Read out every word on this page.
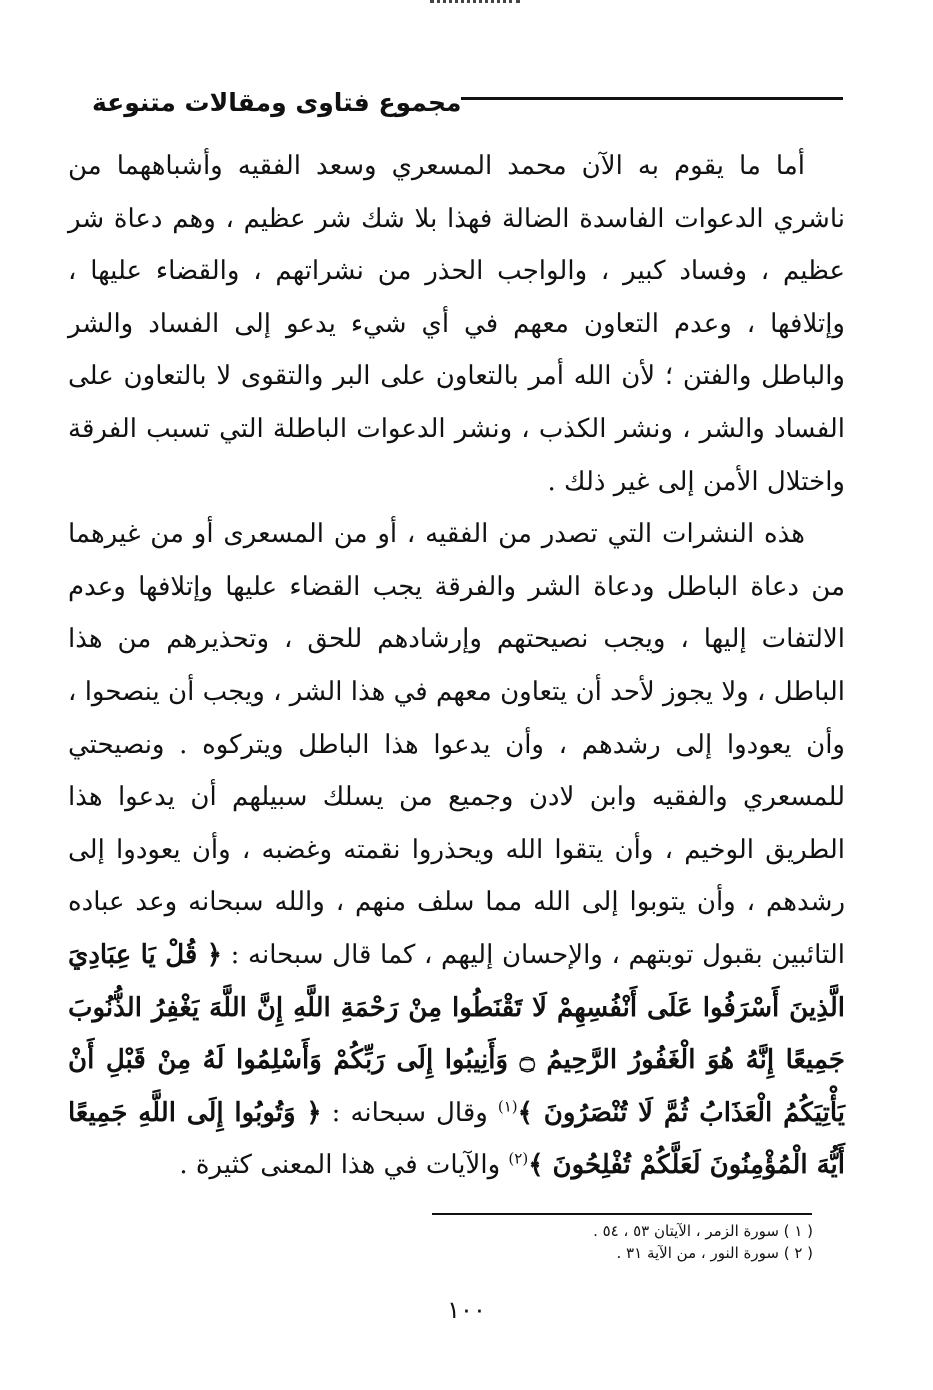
مجموع فتاوى ومقالات متنوعة

أما ما يقوم به الآن محمد المسعري وسعد الفقيه وأشباههما من ناشري الدعوات الفاسدة الضالة فهذا بلا شك شر عظيم ، وهم دعاة شر عظيم ، وفساد كبير ، والواجب الحذر من نشراتهم ، والقضاء عليها ، وإتلافها ، وعدم التعاون معهم في أي شيء يدعو إلى الفساد والشر والباطل والفتن ؛ لأن الله أمر بالتعاون على البر والتقوى لا بالتعاون على الفساد والشر ، ونشر الكذب ، ونشر الدعوات الباطلة التي تسبب الفرقة واختلال الأمن إلى غير ذلك .

هذه النشرات التي تصدر من الفقيه ، أو من المسعرى أو من غيرهما من دعاة الباطل ودعاة الشر والفرقة يجب القضاء عليها وإتلافها وعدم الالتفات إليها ، ويجب نصيحتهم وإرشادهم للحق ، وتحذيرهم من هذا الباطل ، ولا يجوز لأحد أن يتعاون معهم في هذا الشر ، ويجب أن ينصحوا ، وأن يعودوا إلى رشدهم ، وأن يدعوا هذا الباطل ويتركوه . ونصيحتي للمسعري والفقيه وابن لادن وجميع من يسلك سبيلهم أن يدعوا هذا الطريق الوخيم ، وأن يتقوا الله ويحذروا نقمته وغضبه ، وأن يعودوا إلى رشدهم ، وأن يتوبوا إلى الله مما سلف منهم ، والله سبحانه وعد عباده التائبين بقبول توبتهم ، والإحسان إليهم ، كما قال سبحانه : ﴿ قُلْ يَا عِبَادِيَ الَّذِينَ أَسْرَفُوا عَلَى أَنْفُسِهِمْ لَا تَقْنَطُوا مِنْ رَحْمَةِ اللَّهِ إِنَّ اللَّهَ يَغْفِرُ الذُّنُوبَ جَمِيعًا إِنَّهُ هُوَ الْغَفُورُ الرَّحِيمُ ۝ وَأَنِيبُوا إِلَى رَبِّكُمْ وَأَسْلِمُوا لَهُ مِنْ قَبْلِ أَنْ يَأْتِيَكُمُ الْعَذَابُ ثُمَّ لَا تُنْصَرُونَ ﴾$^{(١)}$ وقال سبحانه : ﴿ وَتُوبُوا إِلَى اللَّهِ جَمِيعًا أَيُّهَ الْمُؤْمِنُونَ لَعَلَّكُمْ تُفْلِحُونَ ﴾$^{(٢)}$ والآيات في هذا المعنى كثيرة .

( ١ ) سورة الزمر ، الآيتان ٥٣ ، ٥٤ .
( ٢ ) سورة النور ، من الآية ٣١ .
١٠٠
